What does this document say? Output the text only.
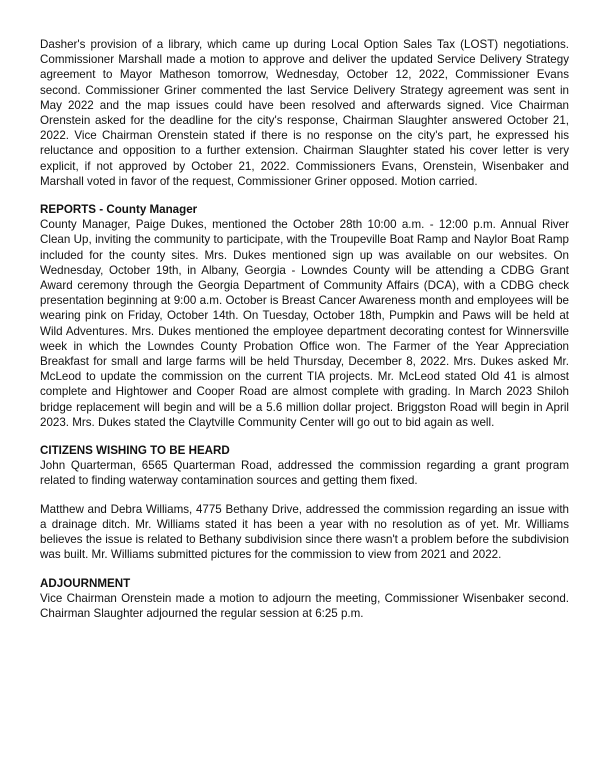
Dasher's provision of a library, which came up during Local Option Sales Tax (LOST) negotiations. Commissioner Marshall made a motion to approve and deliver the updated Service Delivery Strategy agreement to Mayor Matheson tomorrow, Wednesday, October 12, 2022, Commissioner Evans second. Commissioner Griner commented the last Service Delivery Strategy agreement was sent in May 2022 and the map issues could have been resolved and afterwards signed. Vice Chairman Orenstein asked for the deadline for the city's response, Chairman Slaughter answered October 21, 2022. Vice Chairman Orenstein stated if there is no response on the city's part, he expressed his reluctance and opposition to a further extension. Chairman Slaughter stated his cover letter is very explicit, if not approved by October 21, 2022. Commissioners Evans, Orenstein, Wisenbaker and Marshall voted in favor of the request, Commissioner Griner opposed. Motion carried.

REPORTS - County Manager

County Manager, Paige Dukes, mentioned the October 28th 10:00 a.m. - 12:00 p.m. Annual River Clean Up, inviting the community to participate, with the Troupeville Boat Ramp and Naylor Boat Ramp included for the county sites. Mrs. Dukes mentioned sign up was available on our websites. On Wednesday, October 19th, in Albany, Georgia - Lowndes County will be attending a CDBG Grant Award ceremony through the Georgia Department of Community Affairs (DCA), with a CDBG check presentation beginning at 9:00 a.m. October is Breast Cancer Awareness month and employees will be wearing pink on Friday, October 14th. On Tuesday, October 18th, Pumpkin and Paws will be held at Wild Adventures. Mrs. Dukes mentioned the employee department decorating contest for Winnersville week in which the Lowndes County Probation Office won. The Farmer of the Year Appreciation Breakfast for small and large farms will be held Thursday, December 8, 2022. Mrs. Dukes asked Mr. McLeod to update the commission on the current TIA projects. Mr. McLeod stated Old 41 is almost complete and Hightower and Cooper Road are almost complete with grading. In March 2023 Shiloh bridge replacement will begin and will be a 5.6 million dollar project. Briggston Road will begin in April 2023. Mrs. Dukes stated the Claytville Community Center will go out to bid again as well.

CITIZENS WISHING TO BE HEARD

John Quarterman, 6565 Quarterman Road, addressed the commission regarding a grant program related to finding waterway contamination sources and getting them fixed.

Matthew and Debra Williams, 4775 Bethany Drive, addressed the commission regarding an issue with a drainage ditch. Mr. Williams stated it has been a year with no resolution as of yet. Mr. Williams believes the issue is related to Bethany subdivision since there wasn't a problem before the subdivision was built. Mr. Williams submitted pictures for the commission to view from 2021 and 2022.

ADJOURNMENT

Vice Chairman Orenstein made a motion to adjourn the meeting, Commissioner Wisenbaker second. Chairman Slaughter adjourned the regular session at 6:25 p.m.
